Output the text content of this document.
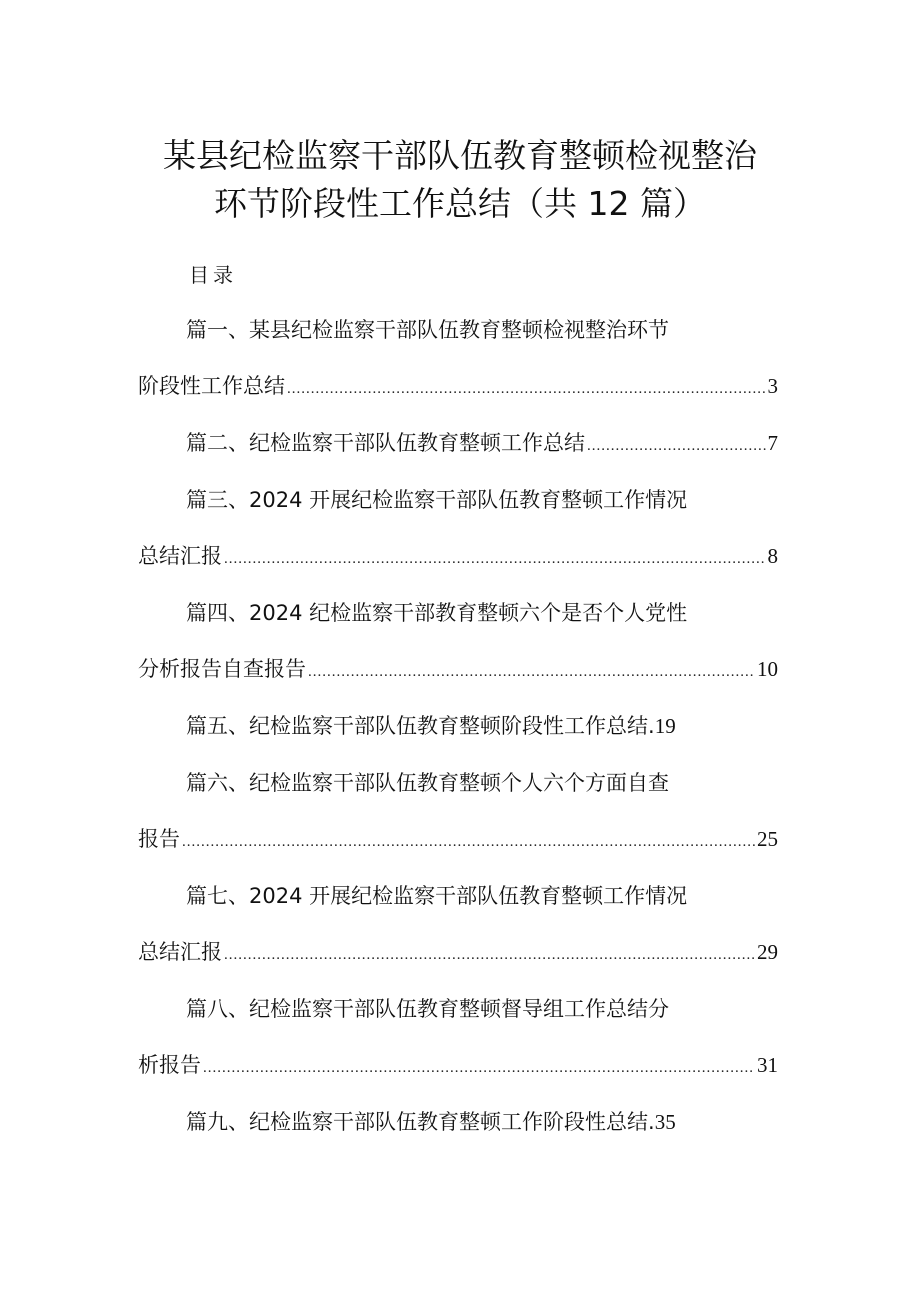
某县纪检监察干部队伍教育整顿检视整治
环节阶段性工作总结（共 12 篇）
目录
篇一、某县纪检监察干部队伍教育整顿检视整治环节
阶段性工作总结 .....	3
篇二、纪检监察干部队伍教育整顿工作总结 .....	7
篇三、2024 开展纪检监察干部队伍教育整顿工作情况
总结汇报 .....	8
篇四、2024 纪检监察干部教育整顿六个是否个人党性
分析报告自查报告 .....	10
篇五、纪检监察干部队伍教育整顿阶段性工作总结. 19
篇六、纪检监察干部队伍教育整顿个人六个方面自查
报告 .....	25
篇七、2024 开展纪检监察干部队伍教育整顿工作情况
总结汇报 .....	29
篇八、纪检监察干部队伍教育整顿督导组工作总结分
析报告 .....	31
篇九、纪检监察干部队伍教育整顿工作阶段性总结. 35
